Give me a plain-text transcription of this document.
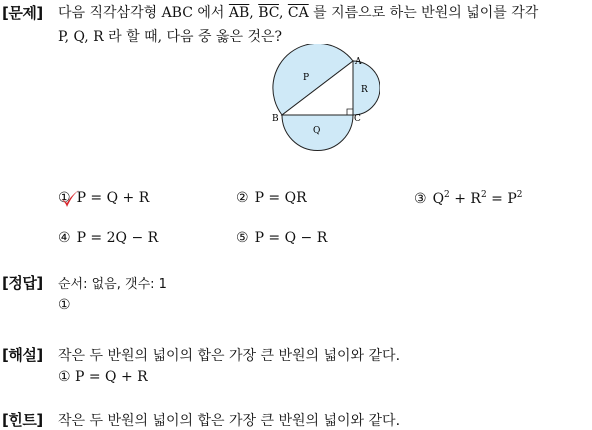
[문제] 다음 직각삼각형 ABC 에서 $\overline{AB}$, $\overline{BC}$, $\overline{CA}$ 를 지름으로 하는 반원의 넓이를 각각
P, Q, R 라 할 때, 다음 중 옳은 것은?
A
B	C
P
R
Q
① P = Q + R	② P = QR	③ $Q^2 + R^2 = P^2$
④ P = 2Q − R	⑤ P = Q − R
[정답] 순서: 없음, 갯수: 1
①
[해설] 작은 두 반원의 넓이의 합은 가장 큰 반원의 넓이와 같다.
① P = Q + R
[힌트] 작은 두 반원의 넓이의 합은 가장 큰 반원의 넓이와 같다.
